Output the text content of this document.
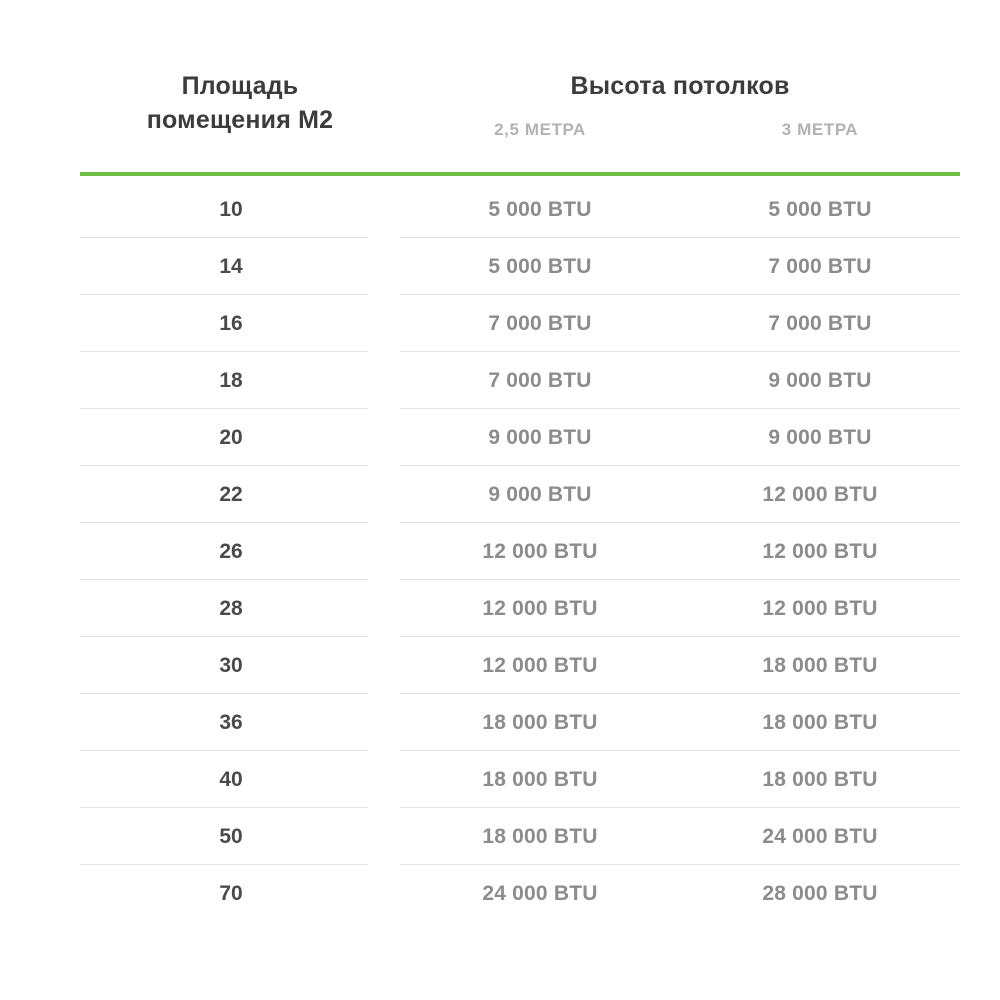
Площадь
помещения М2
Высота потолков
2,5 МЕТРА	3 МЕТРА
10	5 000 BTU	5 000 BTU
14	5 000 BTU	7 000 BTU
16	7 000 BTU	7 000 BTU
18	7 000 BTU	9 000 BTU
20	9 000 BTU	9 000 BTU
22	9 000 BTU	12 000 BTU
26	12 000 BTU	12 000 BTU
28	12 000 BTU	12 000 BTU
30	12 000 BTU	18 000 BTU
36	18 000 BTU	18 000 BTU
40	18 000 BTU	18 000 BTU
50	18 000 BTU	24 000 BTU
70	24 000 BTU	28 000 BTU
